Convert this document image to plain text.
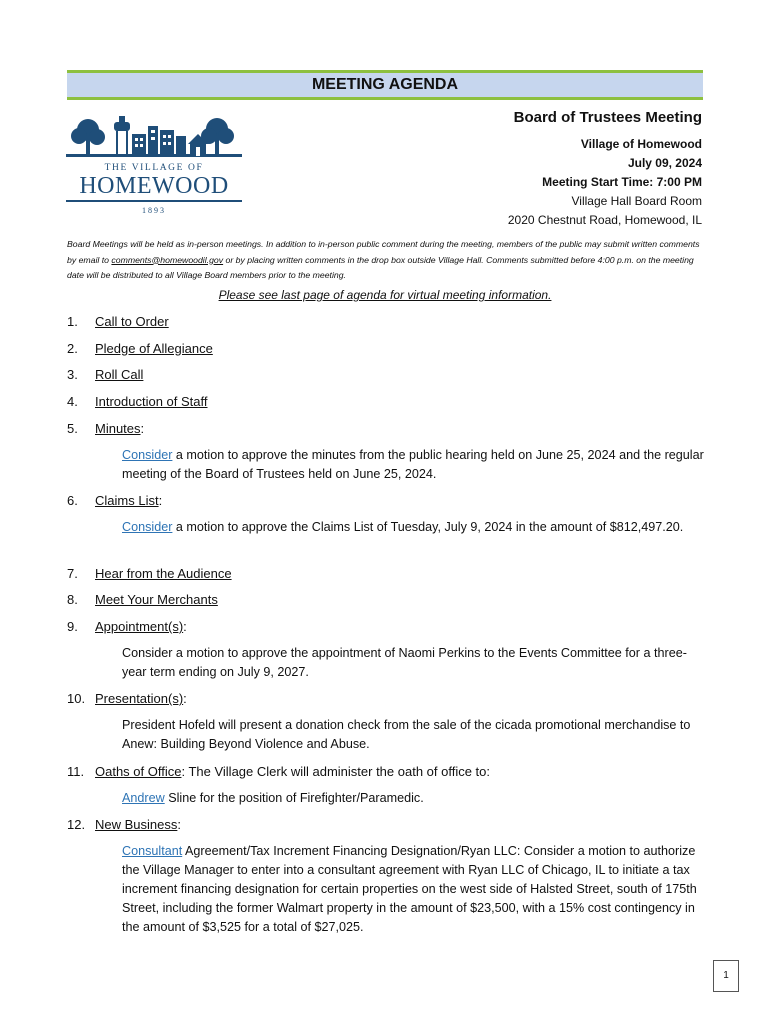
MEETING AGENDA
THE VILLAGE OF
HOMEWOOD
1893
Board of Trustees Meeting
Village of Homewood
July 09, 2024
Meeting Start Time: 7:00 PM
Village Hall Board Room
2020 Chestnut Road, Homewood, IL
Board Meetings will be held as in-person meetings. In addition to in-person public comment during the meeting, members of the public may submit written comments by email to comments@homewoodil.gov or by placing written comments in the drop box outside Village Hall. Comments submitted before 4:00 p.m. on the meeting date will be distributed to all Village Board members prior to the meeting.
Please see last page of agenda for virtual meeting information.
1. Call to Order
2. Pledge of Allegiance
3. Roll Call
4. Introduction of Staff
5. Minutes:
Consider a motion to approve the minutes from the public hearing held on June 25, 2024 and the regular meeting of the Board of Trustees held on June 25, 2024.
6. Claims List:
Consider a motion to approve the Claims List of Tuesday, July 9, 2024 in the amount of $812,497.20.
7. Hear from the Audience
8. Meet Your Merchants
9. Appointment(s):
Consider a motion to approve the appointment of Naomi Perkins to the Events Committee for a three-year term ending on July 9, 2027.
10. Presentation(s):
President Hofeld will present a donation check from the sale of the cicada promotional merchandise to Anew: Building Beyond Violence and Abuse.
11. Oaths of Office: The Village Clerk will administer the oath of office to:
Andrew Sline for the position of Firefighter/Paramedic.
12. New Business:
Consultant Agreement/Tax Increment Financing Designation/Ryan LLC: Consider a motion to authorize the Village Manager to enter into a consultant agreement with Ryan LLC of Chicago, IL to initiate a tax increment financing designation for certain properties on the west side of Halsted Street, south of 175th Street, including the former Walmart property in the amount of $23,500, with a 15% cost contingency in the amount of $3,525 for a total of $27,025.
1
